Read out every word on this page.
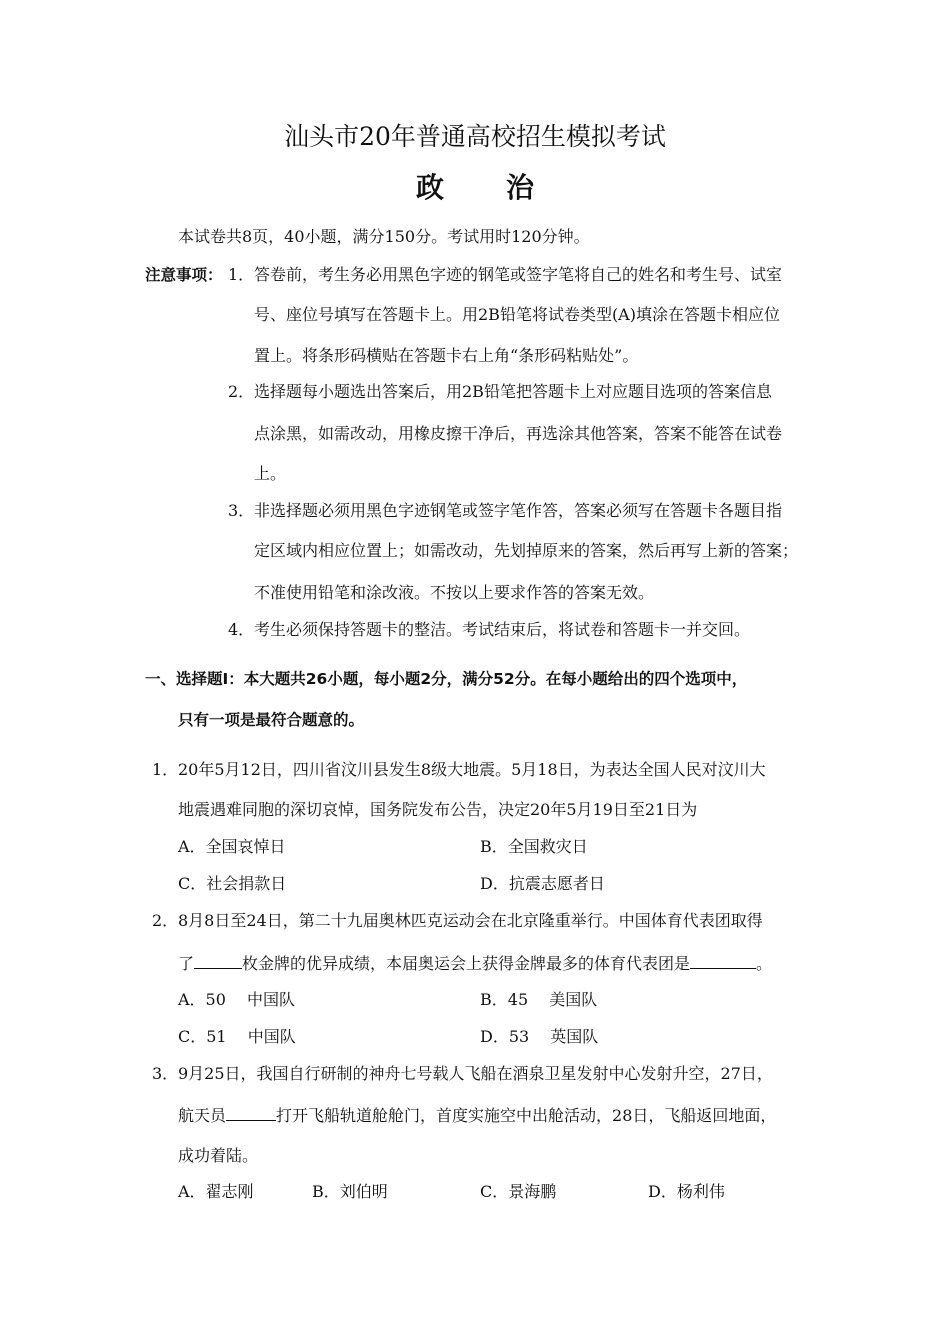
汕头市20年普通高校招生模拟考试
政 治
本试卷共8页，40小题，满分150分。考试用时120分钟。
注意事项： 1． 答卷前，考生务必用黑色字迹的钢笔或签字笔将自己的姓名和考生号、试室
号、座位号填写在答题卡上。用2B铅笔将试卷类型(A)填涂在答题卡相应位
置上。将条形码横贴在答题卡右上角“条形码粘贴处”。
2． 选择题每小题选出答案后，用2B铅笔把答题卡上对应题目选项的答案信息
点涂黑，如需改动，用橡皮擦干净后，再选涂其他答案，答案不能答在试卷
上。
3． 非选择题必须用黑色字迹钢笔或签字笔作答，答案必须写在答题卡各题目指
定区域内相应位置上；如需改动，先划掉原来的答案，然后再写上新的答案；
不准使用铅笔和涂改液。不按以上要求作答的答案无效。
4． 考生必须保持答题卡的整洁。考试结束后，将试卷和答题卡一并交回。
一、选择题Ⅰ：本大题共26小题，每小题2分，满分52分。在每小题给出的四个选项中，
只有一项是最符合题意的。
1． 20年5月12日，四川省汶川县发生8级大地震。5月18日，为表达全国人民对汶川大
地震遇难同胞的深切哀悼，国务院发布公告，决定20年5月19日至21日为
A．全国哀悼日	B．全国救灾日
C．社会捐款日	D．抗震志愿者日
2． 8月8日至24日，第二十九届奥林匹克运动会在北京隆重举行。中国体育代表团取得
了	枚金牌的优异成绩，本届奥运会上获得金牌最多的体育代表团是	。
A．50　 中国队	B．45　 美国队
C．51　 中国队	D．53　 英国队
3． 9月25日，我国自行研制的神舟七号载人飞船在酒泉卫星发射中心发射升空，27日，
航天员	打开飞船轨道舱舱门，首度实施空中出舱活动，28日，飞船返回地面，
成功着陆。
A．翟志刚	B．刘伯明	C．景海鹏	D．杨利伟
